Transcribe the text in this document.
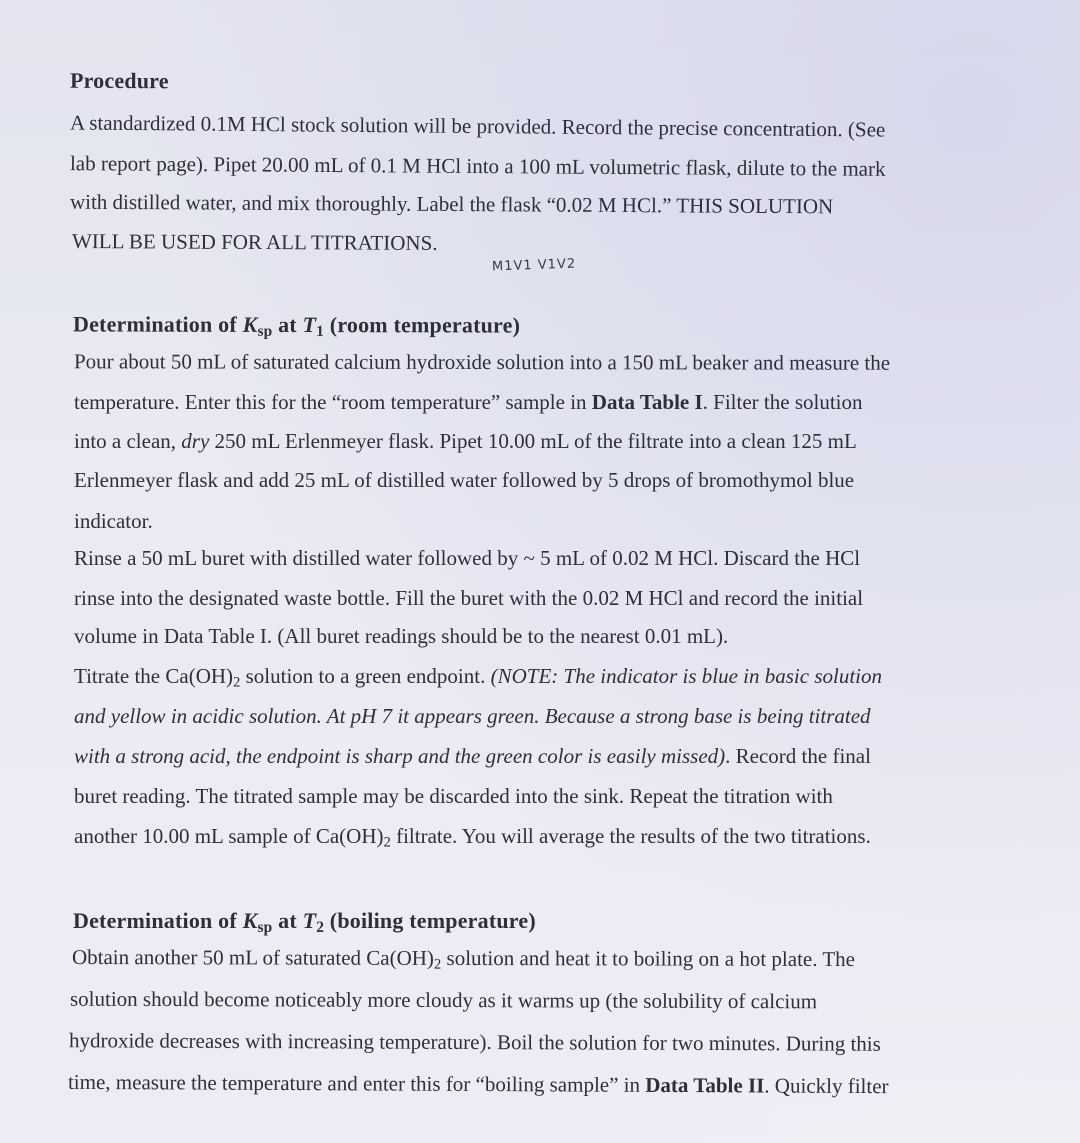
Procedure
A standardized 0.1M HCl stock solution will be provided. Record the precise concentration. (See
lab report page). Pipet 20.00 mL of 0.1 M HCl into a 100 mL volumetric flask, dilute to the mark
with distilled water, and mix thoroughly. Label the flask “0.02 M HCl.” THIS SOLUTION
WILL BE USED FOR ALL TITRATIONS.
M1V1 V1V2
Determination of $K_{sp}$ at $T_1$ (room temperature)
Pour about 50 mL of saturated calcium hydroxide solution into a 150 mL beaker and measure the
temperature. Enter this for the “room temperature” sample in Data Table I. Filter the solution
into a clean, dry 250 mL Erlenmeyer flask. Pipet 10.00 mL of the filtrate into a clean 125 mL
Erlenmeyer flask and add 25 mL of distilled water followed by 5 drops of bromothymol blue
indicator.
Rinse a 50 mL buret with distilled water followed by ~ 5 mL of 0.02 M HCl. Discard the HCl
rinse into the designated waste bottle. Fill the buret with the 0.02 M HCl and record the initial
volume in Data Table I. (All buret readings should be to the nearest 0.01 mL).
Titrate the $Ca(OH)_2$ solution to a green endpoint. (NOTE: The indicator is blue in basic solution
and yellow in acidic solution. At pH 7 it appears green. Because a strong base is being titrated
with a strong acid, the endpoint is sharp and the green color is easily missed). Record the final
buret reading. The titrated sample may be discarded into the sink. Repeat the titration with
another 10.00 mL sample of $Ca(OH)_2$ filtrate. You will average the results of the two titrations.
Determination of $K_{sp}$ at $T_2$ (boiling temperature)
Obtain another 50 mL of saturated $Ca(OH)_2$ solution and heat it to boiling on a hot plate. The
solution should become noticeably more cloudy as it warms up (the solubility of calcium
hydroxide decreases with increasing temperature). Boil the solution for two minutes. During this
time, measure the temperature and enter this for “boiling sample” in Data Table II. Quickly filter
